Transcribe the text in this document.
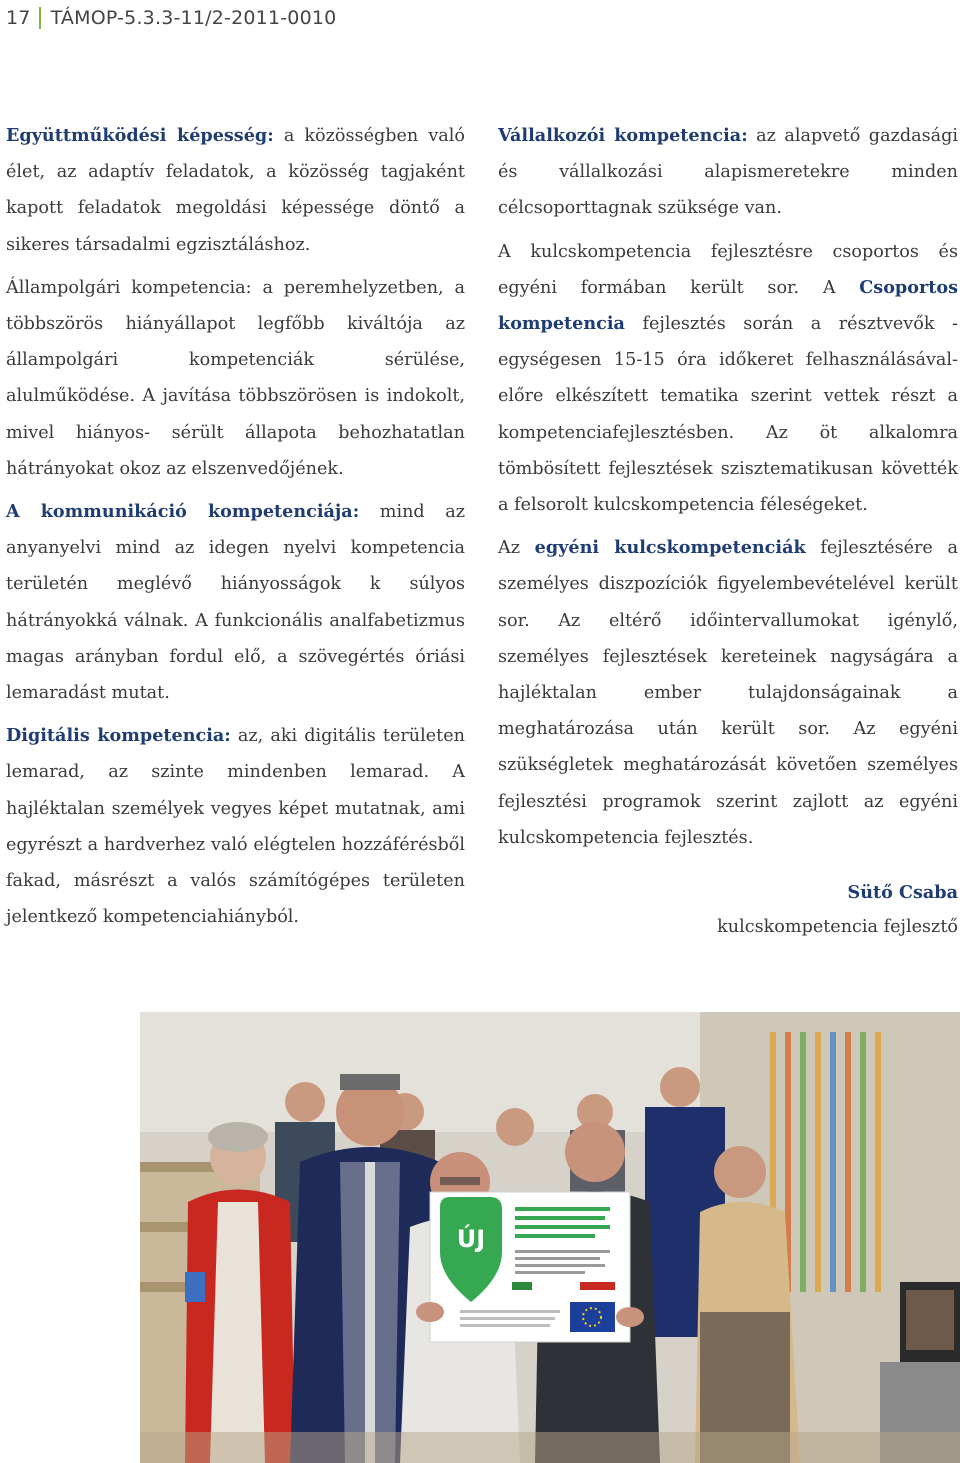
17 TÁMOP-5.3.3-11/2-2011-0010

Együttműködési képesség: a közösségben való élet, az adaptív feladatok, a közösség tagjaként kapott feladatok megoldási képessége döntő a sikeres társadalmi egzisztáláshoz.

Állampolgári kompetencia: a peremhelyzetben, a többszörös hiányállapot legfőbb kiváltója az állampolgári kompetenciák sérülése, alulműködése. A javítása többszörösen is indokolt, mivel hiányos- sérült állapota behozhatatlan hátrányokat okoz az elszenvedőjének.

A kommunikáció kompetenciája: mind az anyanyelvi mind az idegen nyelvi kompetencia területén meglévő hiányosságok k súlyos hátrányokká válnak. A funkcionális analfabetizmus magas arányban fordul elő, a szövegértés óriási lemaradást mutat.

Digitális kompetencia: az, aki digitális területen lemarad, az szinte mindenben lemarad. A hajléktalan személyek vegyes képet mutatnak, ami egyrészt a hardverhez való elégtelen hozzáférésből fakad, másrészt a valós számítógépes területen jelentkező kompetenciahiányból.

Vállalkozói kompetencia: az alapvető gazdasági és vállalkozási alapismeretekre minden célcsoporttagnak szüksége van.

A kulcskompetencia fejlesztésre csoportos és egyéni formában került sor. A Csoportos kompetencia fejlesztés során a résztvevők - egységesen 15-15 óra időkeret felhasználásával- előre elkészített tematika szerint vettek részt a kompetenciafejlesztésben. Az öt alkalomra tömbösített fejlesztések szisztematikusan követték a felsorolt kulcskompetencia féleségeket.

Az egyéni kulcskompetenciák fejlesztésére a személyes diszpozíciók figyelembevételével került sor. Az eltérő időintervallumokat igénylő, személyes fejlesztések kereteinek nagyságára a hajléktalan ember tulajdonságainak a meghatározása után került sor. Az egyéni szükségletek meghatározását követően személyes fejlesztési programok szerint zajlott az egyéni kulcskompetencia fejlesztés.

Sütő Csaba
kulcskompetencia fejlesztő
ÚJ
